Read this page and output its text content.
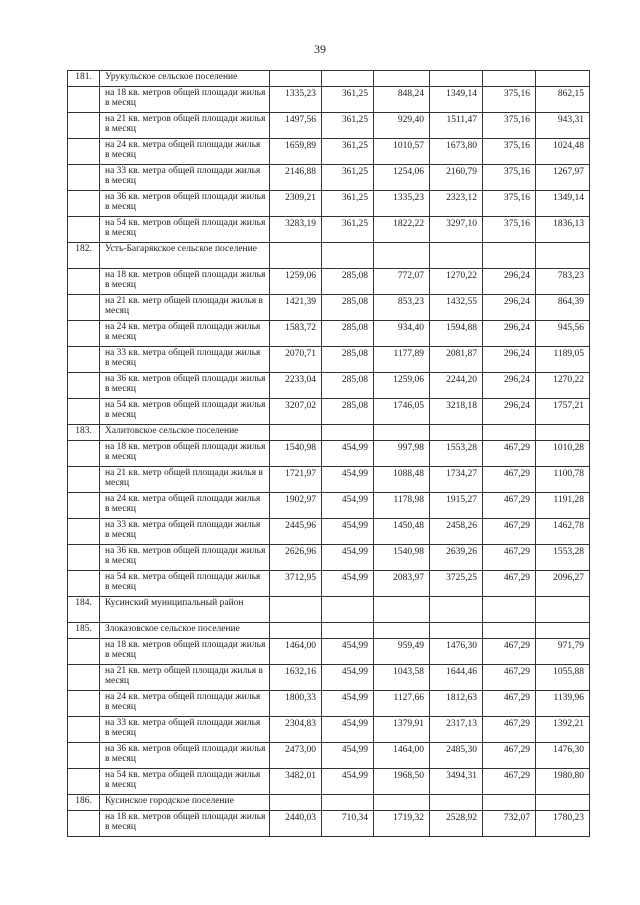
39
181.	Урукульское сельское поселение						
	на 18 кв. метров общей площади жилья в месяц	1335,23	361,25	848,24	1349,14	375,16	862,15
	на 21 кв. метров общей площади жилья в месяц	1497,56	361,25	929,40	1511,47	375,16	943,31
	на 24 кв. метра общей площади жилья в месяц	1659,89	361,25	1010,57	1673,80	375,16	1024,48
	на 33 кв. метра общей площади жилья в месяц	2146,88	361,25	1254,06	2160,79	375,16	1267,97
	на 36 кв. метров общей площади жилья в месяц	2309,21	361,25	1335,23	2323,12	375,16	1349,14
	на 54 кв. метров общей площади жилья в месяц	3283,19	361,25	1822,22	3297,10	375,16	1836,13
182.	Усть-Багарякское сельское поселение						
	на 18 кв. метров общей площади жилья в месяц	1259,06	285,08	772,07	1270,22	296,24	783,23
	на 21 кв. метр общей площади жилья в месяц	1421,39	285,08	853,23	1432,55	296,24	864,39
	на 24 кв. метра общей площади жилья в месяц	1583,72	285,08	934,40	1594,88	296,24	945,56
	на 33 кв. метра общей площади жилья в месяц	2070,71	285,08	1177,89	2081,87	296,24	1189,05
	на 36 кв. метров общей площади жилья в месяц	2233,04	285,08	1259,06	2244,20	296,24	1270,22
	на 54 кв. метров общей площади жилья в месяц	3207,02	285,08	1746,05	3218,18	296,24	1757,21
183.	Халитовское сельское поселение						
	на 18 кв. метров общей площади жилья в месяц	1540,98	454,99	997,98	1553,28	467,29	1010,28
	на 21 кв. метр общей площади жилья в месяц	1721,97	454,99	1088,48	1734,27	467,29	1100,78
	на 24 кв. метра общей площади жилья в месяц	1902,97	454,99	1178,98	1915,27	467,29	1191,28
	на 33 кв. метра общей площади жилья в месяц	2445,96	454,99	1450,48	2458,26	467,29	1462,78
	на 36 кв. метров общей площади жилья в месяц	2626,96	454,99	1540,98	2639,26	467,29	1553,28
	на 54 кв. метра общей площади жилья в месяц	3712,95	454,99	2083,97	3725,25	467,29	2096,27
184.	Кусинский муниципальный район						
185.	Злоказовское сельское поселение						
	на 18 кв. метров общей площади жилья в месяц	1464,00	454,99	959,49	1476,30	467,29	971,79
	на 21 кв. метр общей площади жилья в месяц	1632,16	454,99	1043,58	1644,46	467,29	1055,88
	на 24 кв. метра общей площади жилья в месяц	1800,33	454,99	1127,66	1812,63	467,29	1139,96
	на 33 кв. метра общей площади жилья в месяц	2304,83	454,99	1379,91	2317,13	467,29	1392,21
	на 36 кв. метров общей площади жилья в месяц	2473,00	454,99	1464,00	2485,30	467,29	1476,30
	на 54 кв. метра общей площади жилья в месяц	3482,01	454,99	1968,50	3494,31	467,29	1980,80
186.	Кусинское городское поселение						
	на 18 кв. метров общей площади жилья в месяц	2440,03	710,34	1719,32	2528,92	732,07	1780,23
